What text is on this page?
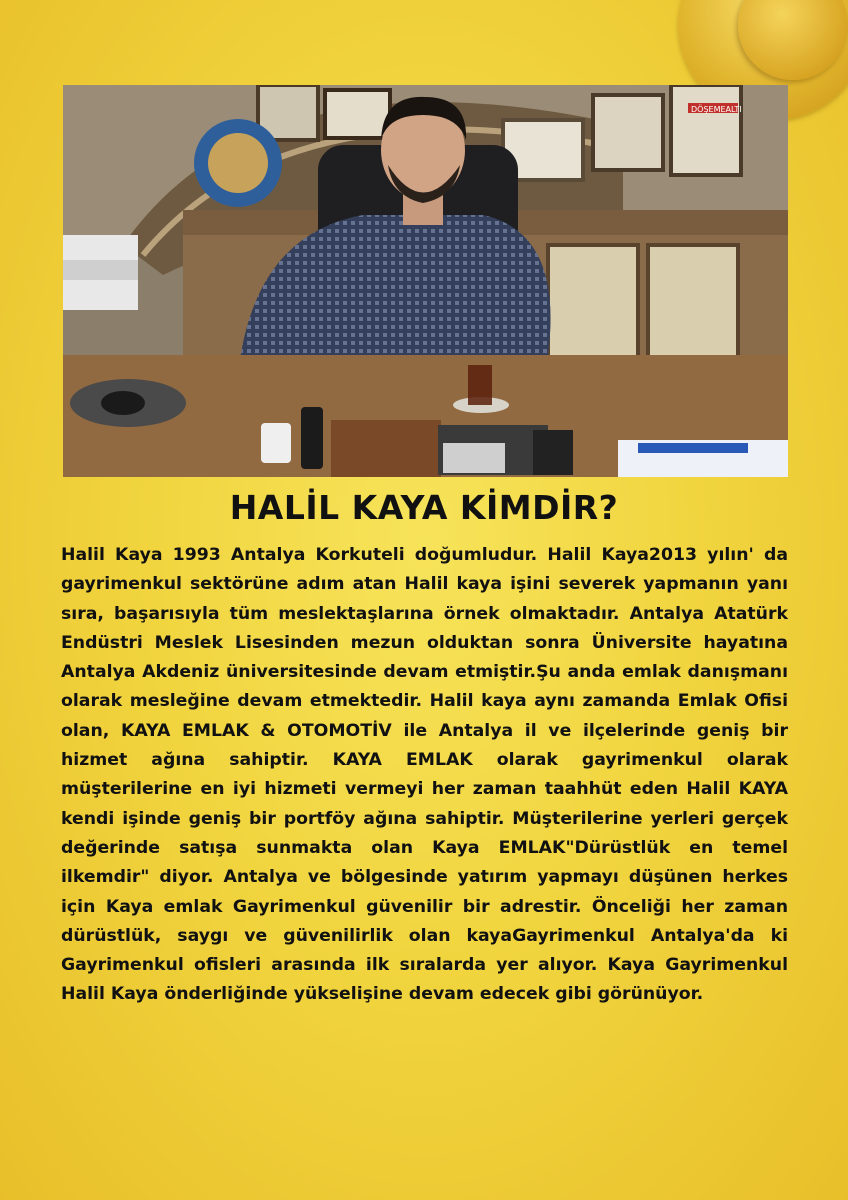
DÖŞEMEALTI
HALİL KAYA KİMDİR?
Halil Kaya 1993 Antalya Korkuteli doğumludur. Halil Kaya2013 yılın' da gayrimenkul sektörüne adım atan Halil kaya işini severek yapmanın yanı sıra, başarısıyla tüm meslektaşlarına örnek olmaktadır. Antalya Atatürk Endüstri Meslek Lisesinden mezun olduktan sonra Üniversite hayatına Antalya Akdeniz üniversitesinde devam etmiştir.Şu anda emlak danışmanı olarak mesleğine devam etmektedir. Halil kaya aynı zamanda Emlak Ofisi olan, KAYA EMLAK & OTOMOTİV ile Antalya il ve ilçelerinde geniş bir hizmet ağına sahiptir. KAYA EMLAK olarak gayrimenkul olarak müşterilerine en iyi hizmeti vermeyi her zaman taahhüt eden Halil KAYA kendi işinde geniş bir portföy ağına sahiptir. Müşterilerine yerleri gerçek değerinde satışa sunmakta olan Kaya EMLAK"Dürüstlük en temel ilkemdir" diyor. Antalya ve bölgesinde yatırım yapmayı düşünen herkes için Kaya emlak Gayrimenkul güvenilir bir adrestir. Önceliği her zaman dürüstlük, saygı ve güvenilirlik olan kayaGayrimenkul Antalya'da ki Gayrimenkul ofisleri arasında ilk sıralarda yer alıyor. Kaya Gayrimenkul Halil Kaya önderliğinde yükselişine devam edecek gibi görünüyor.
